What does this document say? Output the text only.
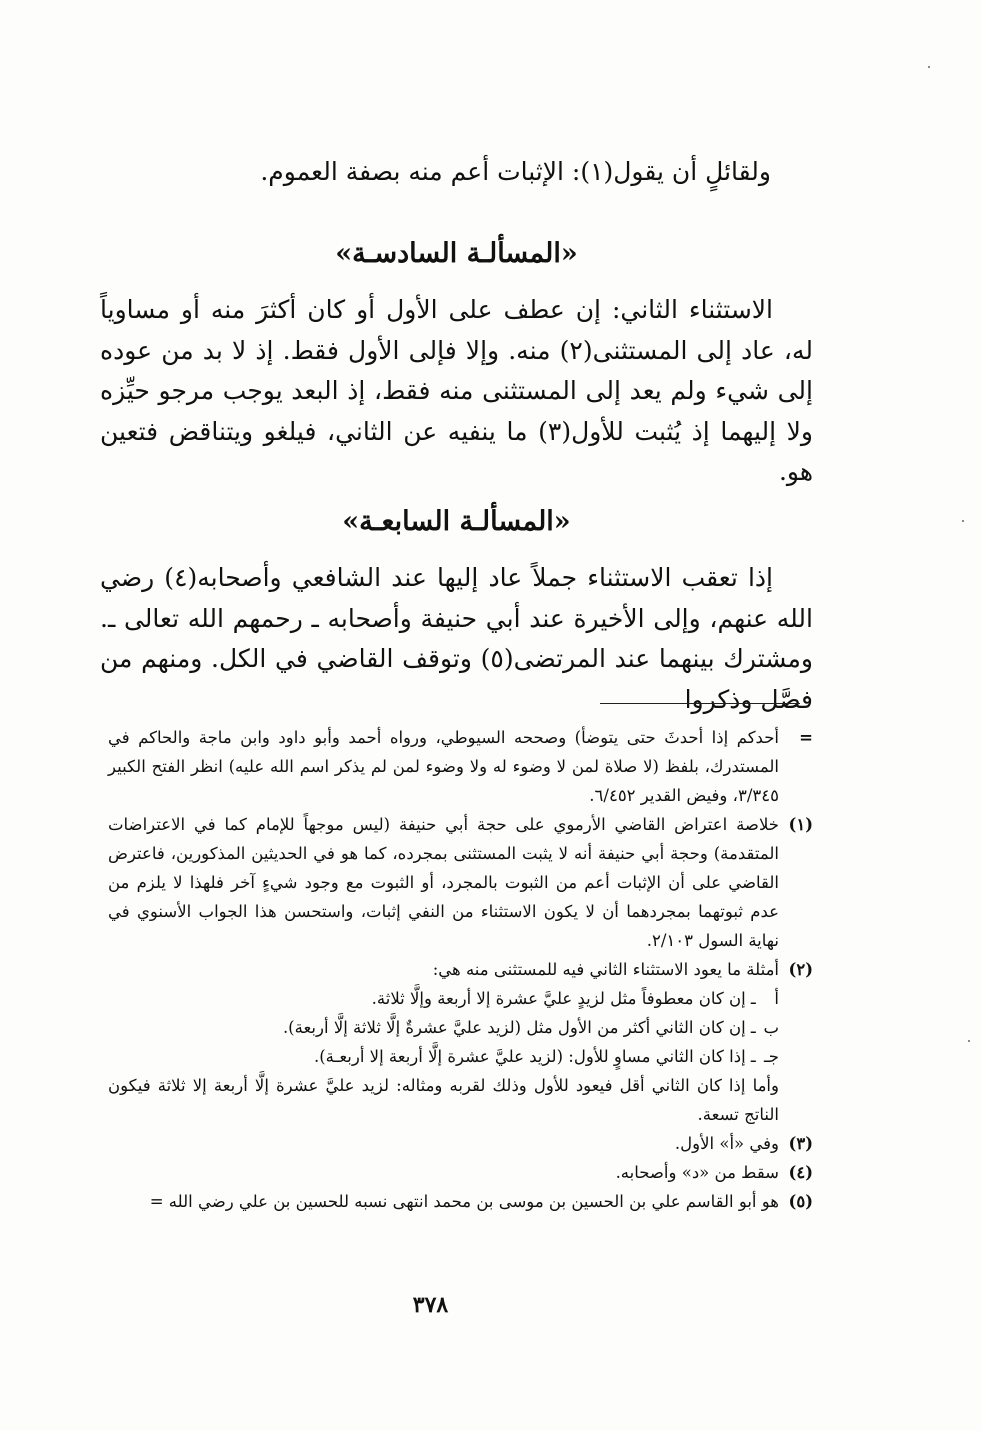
ولقائلٍ أن يقول(١): الإثبات أعم منه بصفة العموم.
«المسألـة السادسـة»

الاستثناء الثاني: إن عطف على الأول أو كان أكثرَ منه أو مساوياً له، عاد إلى المستثنى(٢) منه. وإلا فإلى الأول فقط. إذ لا بد من عوده إلى شيء ولم يعد إلى المستثنى منه فقط، إذ البعد يوجب مرجو حيِّزه ولا إليهما إذ يُثبت للأول(٣) ما ينفيه عن الثاني، فيلغو ويتناقض فتعين هو.

«المسألـة السابعـة»

إذا تعقب الاستثناء جملاً عاد إليها عند الشافعي وأصحابه(٤) رضي الله عنهم، وإلى الأخيرة عند أبي حنيفة وأصحابه ـ رحمهم الله تعالى ـ. ومشترك بينهما عند المرتضى(٥) وتوقف القاضي في الكل. ومنهم من فصَّل وذكروا

=

أحدكم إذا أحدثَ حتى يتوضأ) وصححه السيوطي، ورواه أحمد وأبو داود وابن ماجة والحاكم في المستدرك، بلفظ (لا صلاة لمن لا وضوء له ولا وضوء لمن لم يذكر اسم الله عليه) انظر الفتح الكبير ٣/٣٤٥، وفيض القدير ٦/٤٥٢.

(١)

خلاصة اعتراض القاضي الأرموي على حجة أبي حنيفة (ليس موجهاً للإمام كما في الاعتراضات المتقدمة) وحجة أبي حنيفة أنه لا يثبت المستثنى بمجرده، كما هو في الحديثين المذكورين، فاعترض القاضي على أن الإثبات أعم من الثبوت بالمجرد، أو الثبوت مع وجود شيءٍ آخر فلهذا لا يلزم من عدم ثبوتهما بمجردهما أن لا يكون الاستثناء من النفي إثبات، واستحسن هذا الجواب الأسنوي في نهاية السول ٢/١٠٣.

(٢)

أمثلة ما يعود الاستثناء الثاني فيه للمستثنى منه هي:

أ ـ إن كان معطوفاً مثل لزيدٍ عليَّ عشرة إلا أربعة وإلَّا ثلاثة.

ب ـ إن كان الثاني أكثر من الأول مثل (لزيد عليَّ عشرةٌ إلَّا ثلاثة إلَّا أربعة).

جـ ـ إذا كان الثاني مساوٍ للأول: (لزيد عليَّ عشرة إلَّا أربعة إلا أربعـة).

وأما إذا كان الثاني أقل فيعود للأول وذلك لقربه ومثاله: لزيد عليَّ عشرة إلَّا أربعة إلا ثلاثة فيكون الناتج تسعة.

(٣)

وفي «أ» الأول.

(٤)

سقط من «د» وأصحابه.

(٥)

هو أبو القاسم علي بن الحسين بن موسى بن محمد انتهى نسبه للحسين بن علي رضي الله =

٣٧٨
